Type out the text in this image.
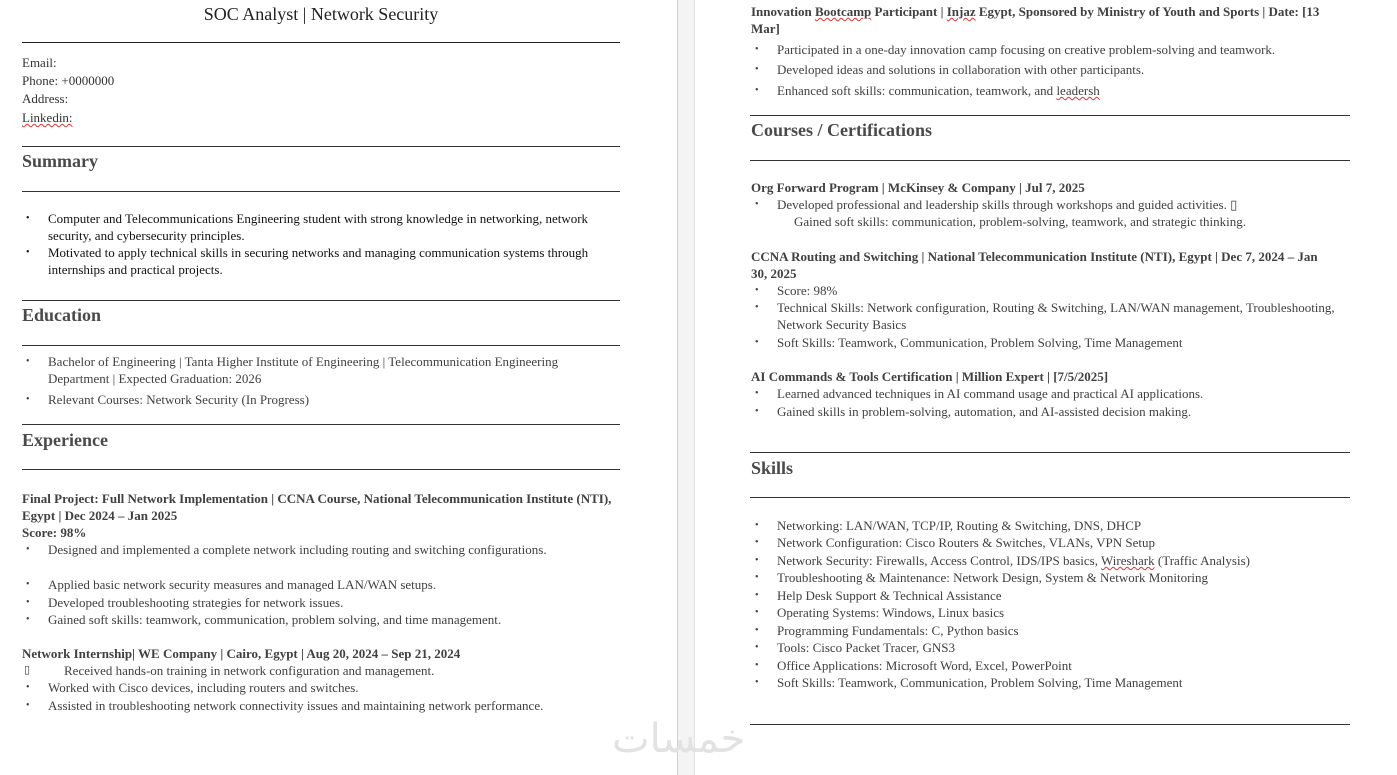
SOC Analyst | Network Security
Email:
Phone: +0000000
Address:
Linkedin:
Summary
• Computer and Telecommunications Engineering student with strong knowledge in networking, network security, and cybersecurity principles.
• Motivated to apply technical skills in securing networks and managing communication systems through internships and practical projects.
Education
• Bachelor of Engineering | Tanta Higher Institute of Engineering | Telecommunication Engineering Department | Expected Graduation: 2026
• Relevant Courses: Network Security (In Progress)
Experience
Final Project: Full Network Implementation | CCNA Course, National Telecommunication Institute (NTI), Egypt | Dec 2024 – Jan 2025
Score: 98%
• Designed and implemented a complete network including routing and switching configurations.
• Applied basic network security measures and managed LAN/WAN setups.
• Developed troubleshooting strategies for network issues.
• Gained soft skills: teamwork, communication, problem solving, and time management.
Network Internship| WE Company | Cairo, Egypt | Aug 20, 2024 – Sep 21, 2024
▯ Received hands-on training in network configuration and management.
• Worked with Cisco devices, including routers and switches.
• Assisted in troubleshooting network connectivity issues and maintaining network performance.
Innovation Bootcamp Participant | Injaz Egypt, Sponsored by Ministry of Youth and Sports | Date: [13 Mar]
• Participated in a one-day innovation camp focusing on creative problem-solving and teamwork.
• Developed ideas and solutions in collaboration with other participants.
• Enhanced soft skills: communication, teamwork, and leadersh
Courses / Certifications
Org Forward Program | McKinsey & Company | Jul 7, 2025
• Developed professional and leadership skills through workshops and guided activities. ▯
Gained soft skills: communication, problem-solving, teamwork, and strategic thinking.
CCNA Routing and Switching | National Telecommunication Institute (NTI), Egypt | Dec 7, 2024 – Jan 30, 2025
• Score: 98%
• Technical Skills: Network configuration, Routing & Switching, LAN/WAN management, Troubleshooting, Network Security Basics
• Soft Skills: Teamwork, Communication, Problem Solving, Time Management
AI Commands & Tools Certification | Million Expert | [7/5/2025]
• Learned advanced techniques in AI command usage and practical AI applications.
• Gained skills in problem-solving, automation, and AI-assisted decision making.
Skills
• Networking: LAN/WAN, TCP/IP, Routing & Switching, DNS, DHCP
• Network Configuration: Cisco Routers & Switches, VLANs, VPN Setup
• Network Security: Firewalls, Access Control, IDS/IPS basics, Wireshark (Traffic Analysis)
• Troubleshooting & Maintenance: Network Design, System & Network Monitoring
• Help Desk Support & Technical Assistance
• Operating Systems: Windows, Linux basics
• Programming Fundamentals: C, Python basics
• Tools: Cisco Packet Tracer, GNS3
• Office Applications: Microsoft Word, Excel, PowerPoint
• Soft Skills: Teamwork, Communication, Problem Solving, Time Management
خمسات
